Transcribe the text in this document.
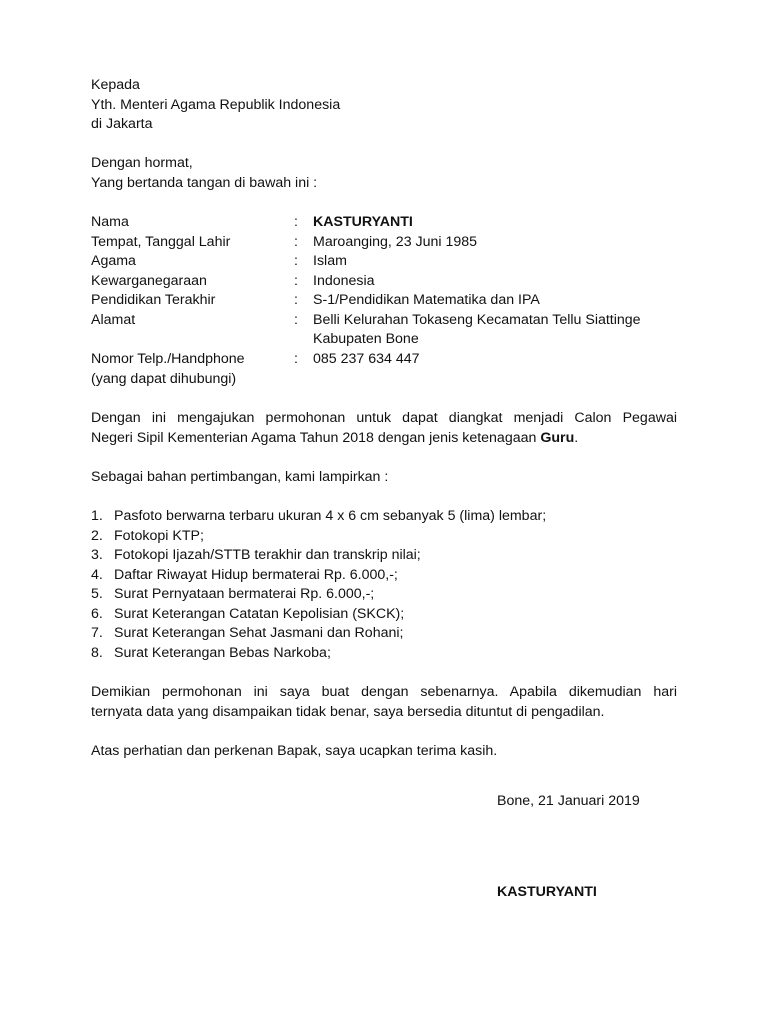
Kepada
Yth. Menteri Agama Republik Indonesia
di Jakarta
Dengan hormat,
Yang bertanda tangan di bawah ini :
Nama	: KASTURYANTI
Tempat, Tanggal Lahir	: Maroanging, 23 Juni 1985
Agama	: Islam
Kewarganegaraan	: Indonesia
Pendidikan Terakhir	: S-1/Pendidikan Matematika dan IPA
Alamat	: Belli Kelurahan Tokaseng Kecamatan Tellu Siattinge
Kabupaten Bone
Nomor Telp./Handphone	: 085 237 634 447
(yang dapat dihubungi)
Dengan ini mengajukan permohonan untuk dapat diangkat menjadi Calon Pegawai
Negeri Sipil Kementerian Agama Tahun 2018 dengan jenis ketenagaan Guru.
Sebagai bahan pertimbangan, kami lampirkan :
1. Pasfoto berwarna terbaru ukuran 4 x 6 cm sebanyak 5 (lima) lembar;
2. Fotokopi KTP;
3. Fotokopi Ijazah/STTB terakhir dan transkrip nilai;
4. Daftar Riwayat Hidup bermaterai Rp. 6.000,-;
5. Surat Pernyataan bermaterai Rp. 6.000,-;
6. Surat Keterangan Catatan Kepolisian (SKCK);
7. Surat Keterangan Sehat Jasmani dan Rohani;
8. Surat Keterangan Bebas Narkoba;
Demikian permohonan ini saya buat dengan sebenarnya. Apabila dikemudian hari
ternyata data yang disampaikan tidak benar, saya bersedia dituntut di pengadilan.
Atas perhatian dan perkenan Bapak, saya ucapkan terima kasih.
Bone, 21 Januari 2019
KASTURYANTI
